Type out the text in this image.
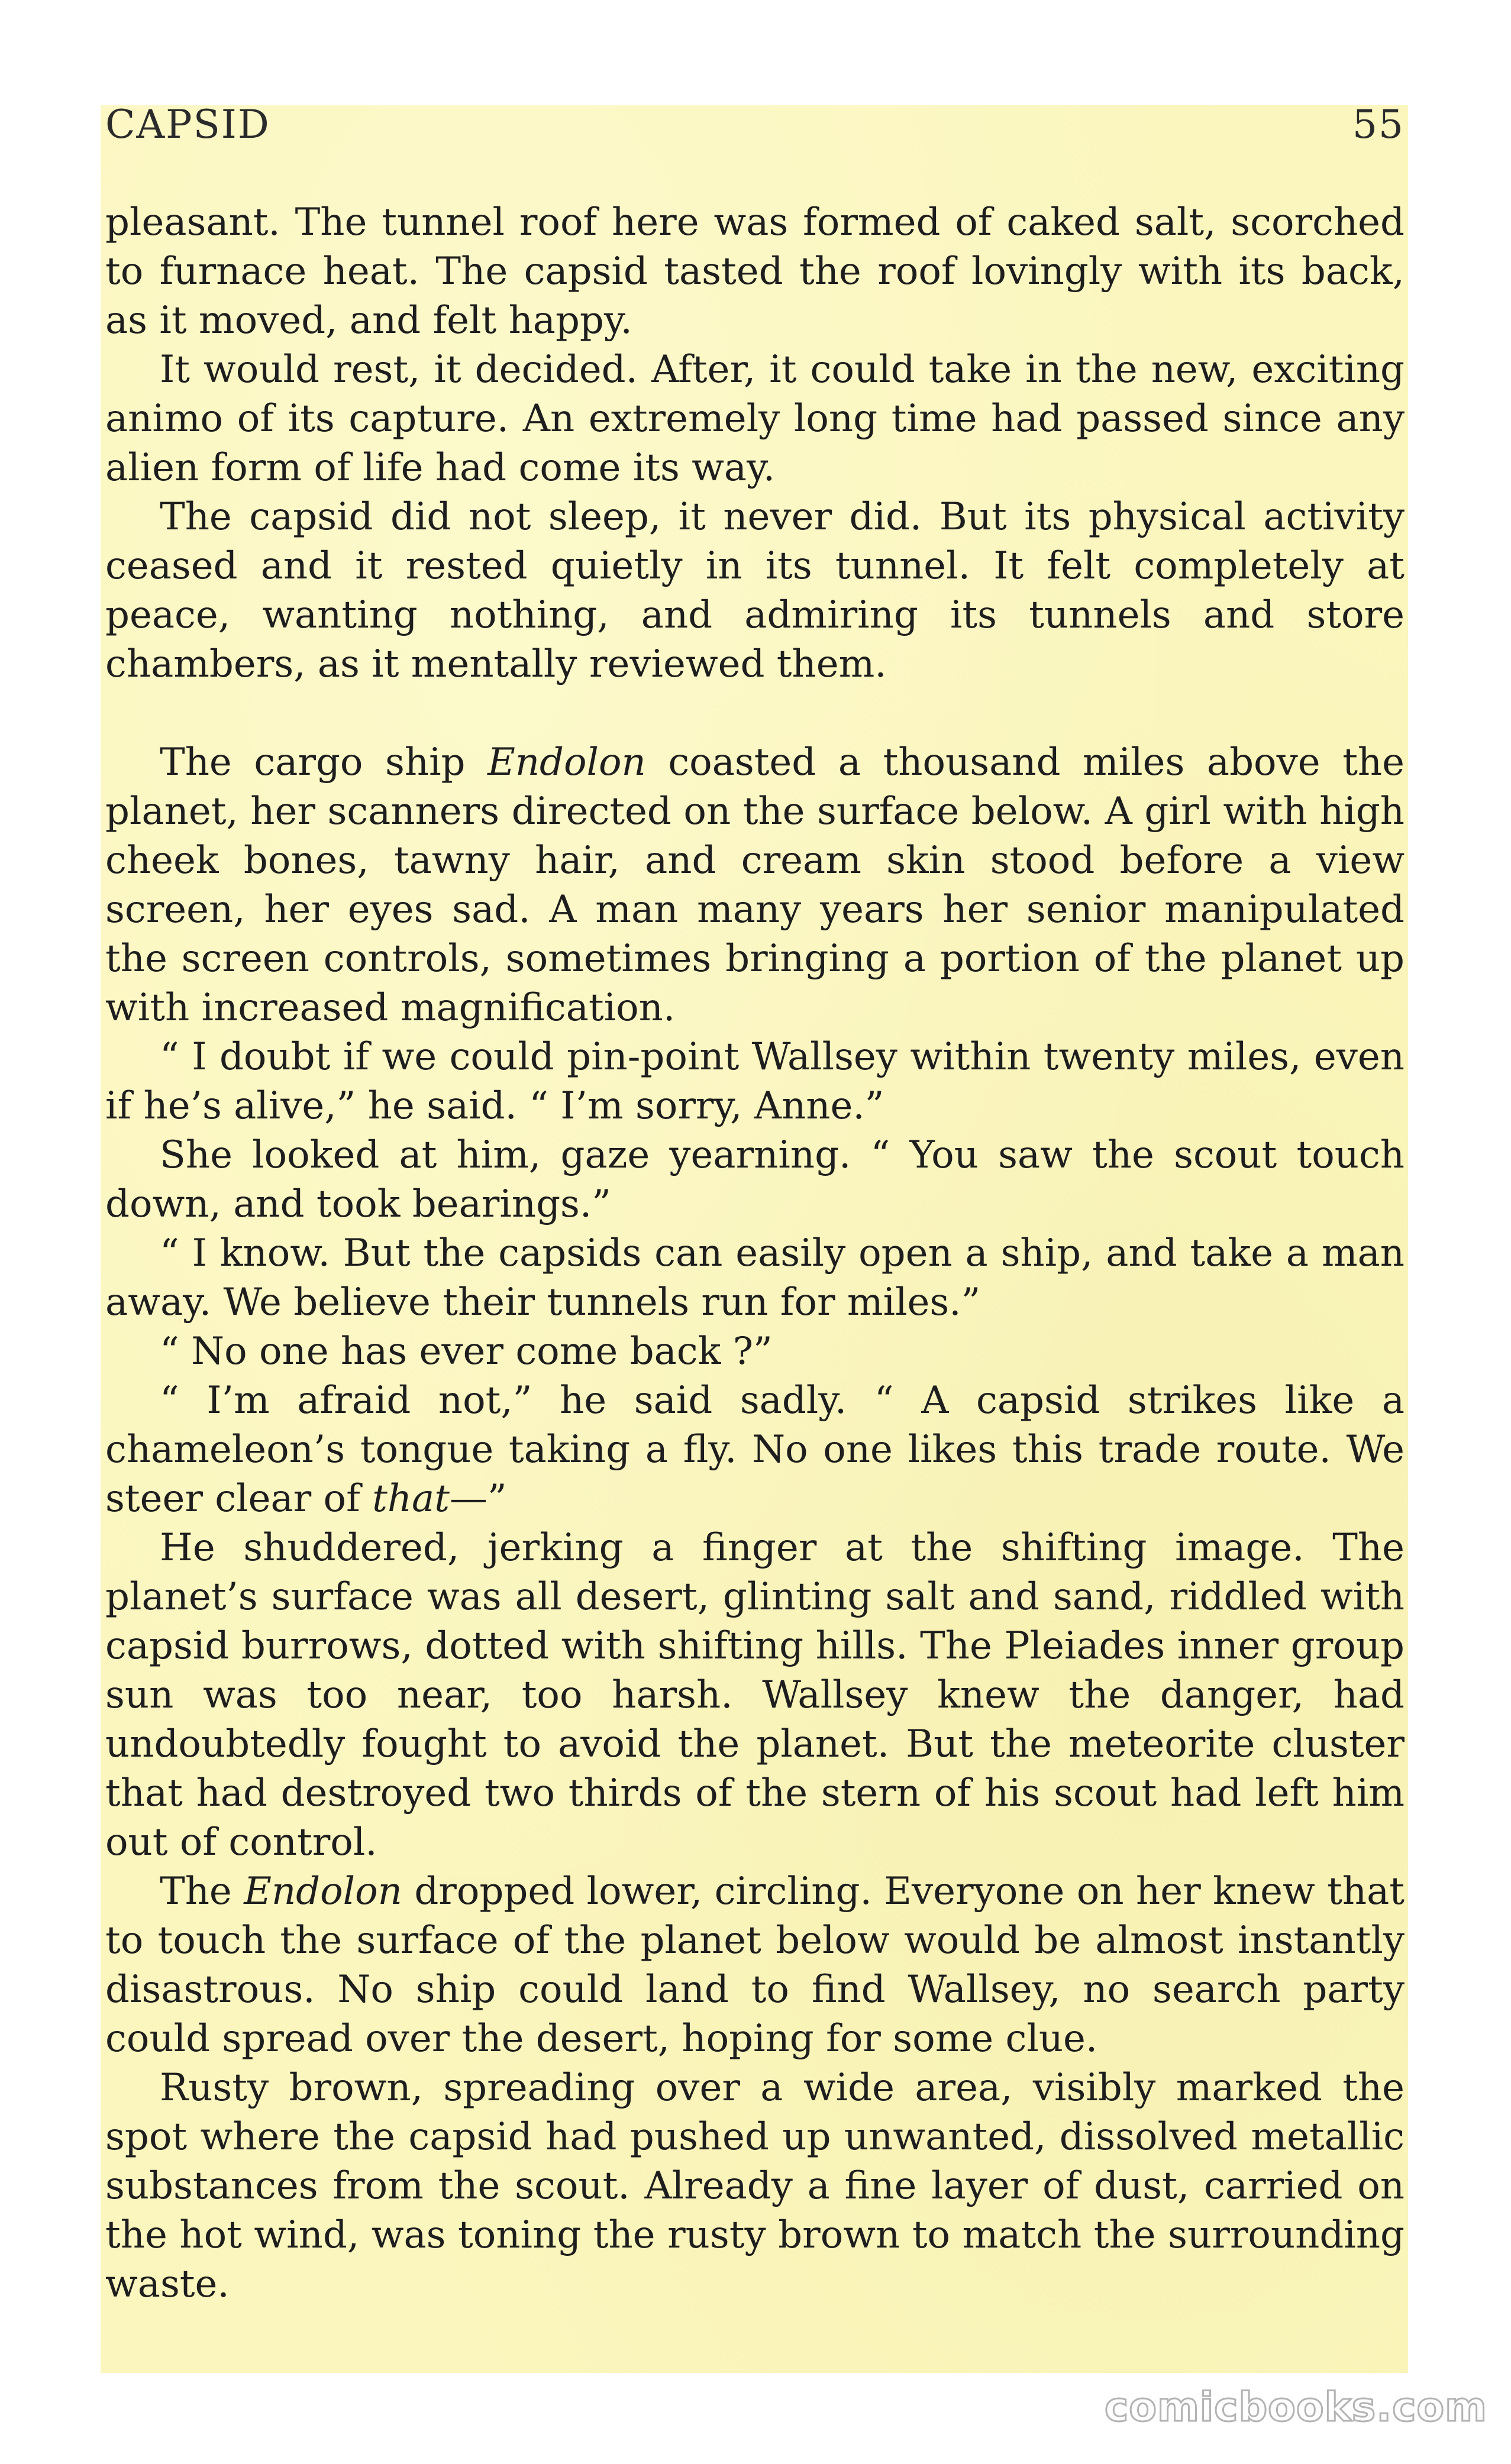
CAPSID	55

pleasant. The tunnel roof here was formed of caked salt, scorched to furnace heat. The capsid tasted the roof lovingly with its back, as it moved, and felt happy.

It would rest, it decided. After, it could take in the new, exciting animo of its capture. An extremely long time had passed since any alien form of life had come its way.

The capsid did not sleep, it never did. But its physical activity ceased and it rested quietly in its tunnel. It felt completely at peace, wanting nothing, and admiring its tunnels and store chambers, as it mentally reviewed them.

The cargo ship Endolon coasted a thousand miles above the planet, her scanners directed on the surface below. A girl with high cheek bones, tawny hair, and cream skin stood before a view screen, her eyes sad. A man many years her senior manipulated the screen controls, sometimes bringing a portion of the planet up with increased magnification.

“ I doubt if we could pin-point Wallsey within twenty miles, even if he’s alive,” he said. “ I’m sorry, Anne.”

She looked at him, gaze yearning. “ You saw the scout touch down, and took bearings.”

“ I know. But the capsids can easily open a ship, and take a man away. We believe their tunnels run for miles.”

“ No one has ever come back ?”

“ I’m afraid not,” he said sadly. “ A capsid strikes like a chameleon’s tongue taking a fly. No one likes this trade route. We steer clear of that—”

He shuddered, jerking a finger at the shifting image. The planet’s surface was all desert, glinting salt and sand, riddled with capsid burrows, dotted with shifting hills. The Pleiades inner group sun was too near, too harsh. Wallsey knew the danger, had undoubtedly fought to avoid the planet. But the meteorite cluster that had destroyed two thirds of the stern of his scout had left him out of control.

The Endolon dropped lower, circling. Everyone on her knew that to touch the surface of the planet below would be almost instantly disastrous. No ship could land to find Wallsey, no search party could spread over the desert, hoping for some clue.

Rusty brown, spreading over a wide area, visibly marked the spot where the capsid had pushed up unwanted, dissolved metallic substances from the scout. Already a fine layer of dust, carried on the hot wind, was toning the rusty brown to match the surrounding waste.

comicbooks.com
